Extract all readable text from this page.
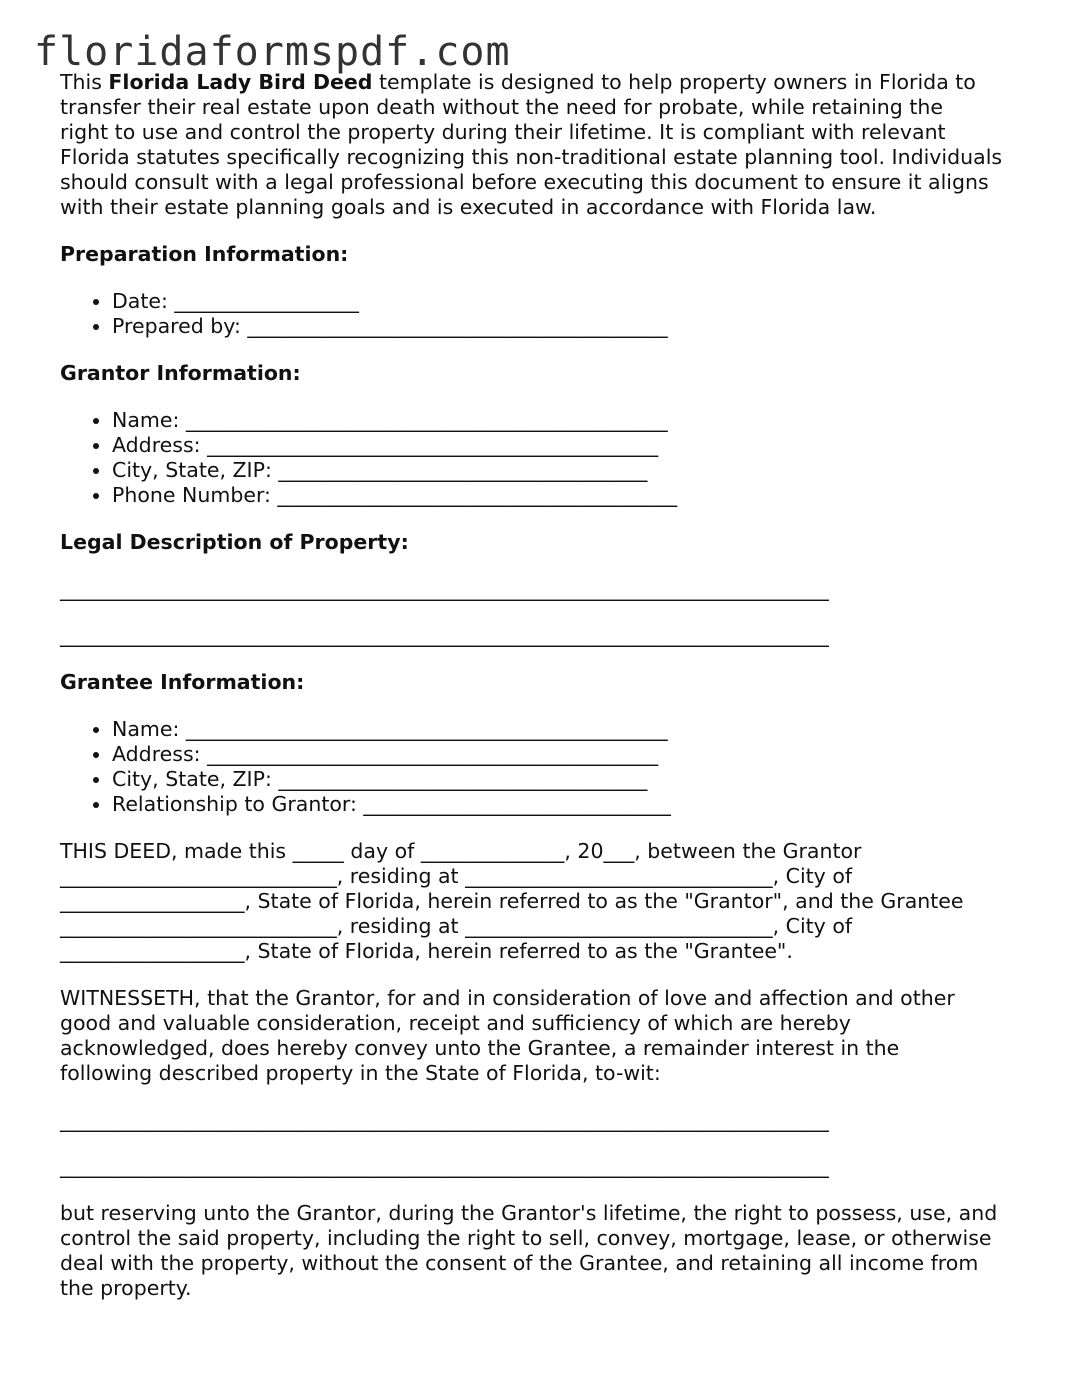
floridaformspdf.com

This Florida Lady Bird Deed template is designed to help property owners in Florida to

transfer their real estate upon death without the need for probate, while retaining the

right to use and control the property during their lifetime. It is compliant with relevant

Florida statutes specifically recognizing this non-traditional estate planning tool. Individuals

should consult with a legal professional before executing this document to ensure it aligns

with their estate planning goals and is executed in accordance with Florida law.

Preparation Information:
• Date: __________________
• Prepared by: _________________________________________
Grantor Information:
• Name: _______________________________________________
• Address: ____________________________________________
• City, State, ZIP: ____________________________________
• Phone Number: _______________________________________
Legal Description of Property:
___________________________________________________________________________
___________________________________________________________________________
Grantee Information:
• Name: _______________________________________________
• Address: ____________________________________________
• City, State, ZIP: ____________________________________
• Relationship to Grantor: ______________________________

THIS DEED, made this _____ day of ______________, 20___, between the Grantor

___________________________, residing at ______________________________, City of

__________________, State of Florida, herein referred to as the "Grantor", and the Grantee

___________________________, residing at ______________________________, City of

__________________, State of Florida, herein referred to as the "Grantee".

WITNESSETH, that the Grantor, for and in consideration of love and affection and other

good and valuable consideration, receipt and sufficiency of which are hereby

acknowledged, does hereby convey unto the Grantee, a remainder interest in the

following described property in the State of Florida, to-wit:

___________________________________________________________________________
___________________________________________________________________________

but reserving unto the Grantor, during the Grantor's lifetime, the right to possess, use, and

control the said property, including the right to sell, convey, mortgage, lease, or otherwise

deal with the property, without the consent of the Grantee, and retaining all income from

the property.
